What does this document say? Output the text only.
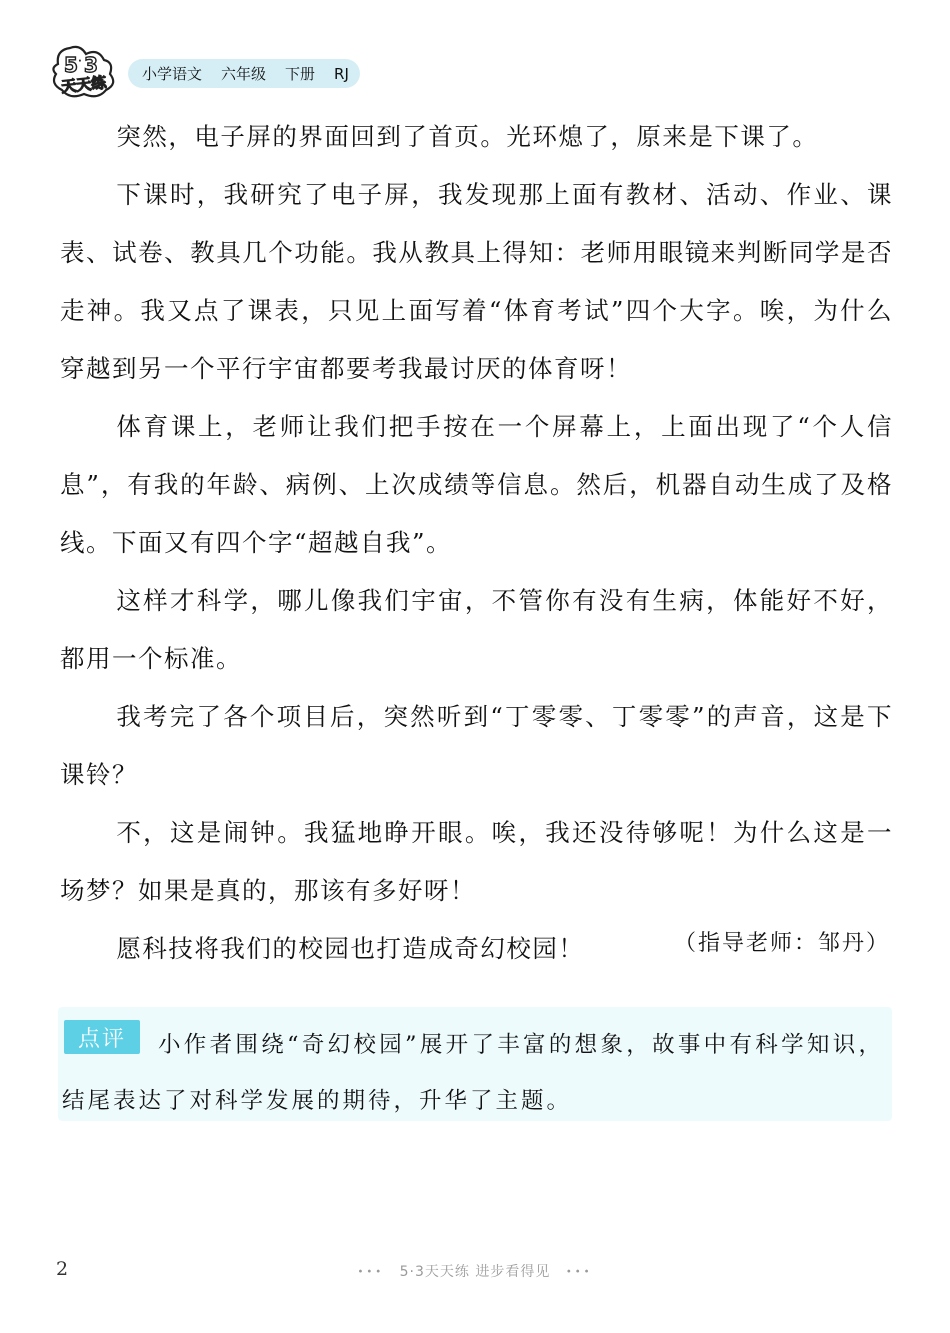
5 · 3
天天练 小学语文 六年级 下册 RJ

突然，电子屏的界面回到了首页。光环熄了，原来是下课了。

下课时，我研究了电子屏，我发现那上面有教材、活动、作业、课表、试卷、教具几个功能。我从教具上得知：老师用眼镜来判断同学是否走神。我又点了课表，只见上面写着“体育考试”四个大字。唉，为什么穿越到另一个平行宇宙都要考我最讨厌的体育呀！

体育课上，老师让我们把手按在一个屏幕上，上面出现了“个人信息”，有我的年龄、病例、上次成绩等信息。然后，机器自动生成了及格线。下面又有四个字“超越自我”。

这样才科学，哪儿像我们宇宙，不管你有没有生病，体能好不好，都用一个标准。

我考完了各个项目后，突然听到“丁零零、丁零零”的声音，这是下课铃？

不，这是闹钟。我猛地睁开眼。唉，我还没待够呢！为什么这是一场梦？如果是真的，那该有多好呀！

愿科技将我们的校园也打造成奇幻校园！	（指导老师：邹丹）
小作者围绕“奇幻校园”展开了丰富的想象，故事中有科学知识，结尾表达了对科学发展的期待，升华了主题。
点评
2	••• 5·3天天练 进步看得见 •••
